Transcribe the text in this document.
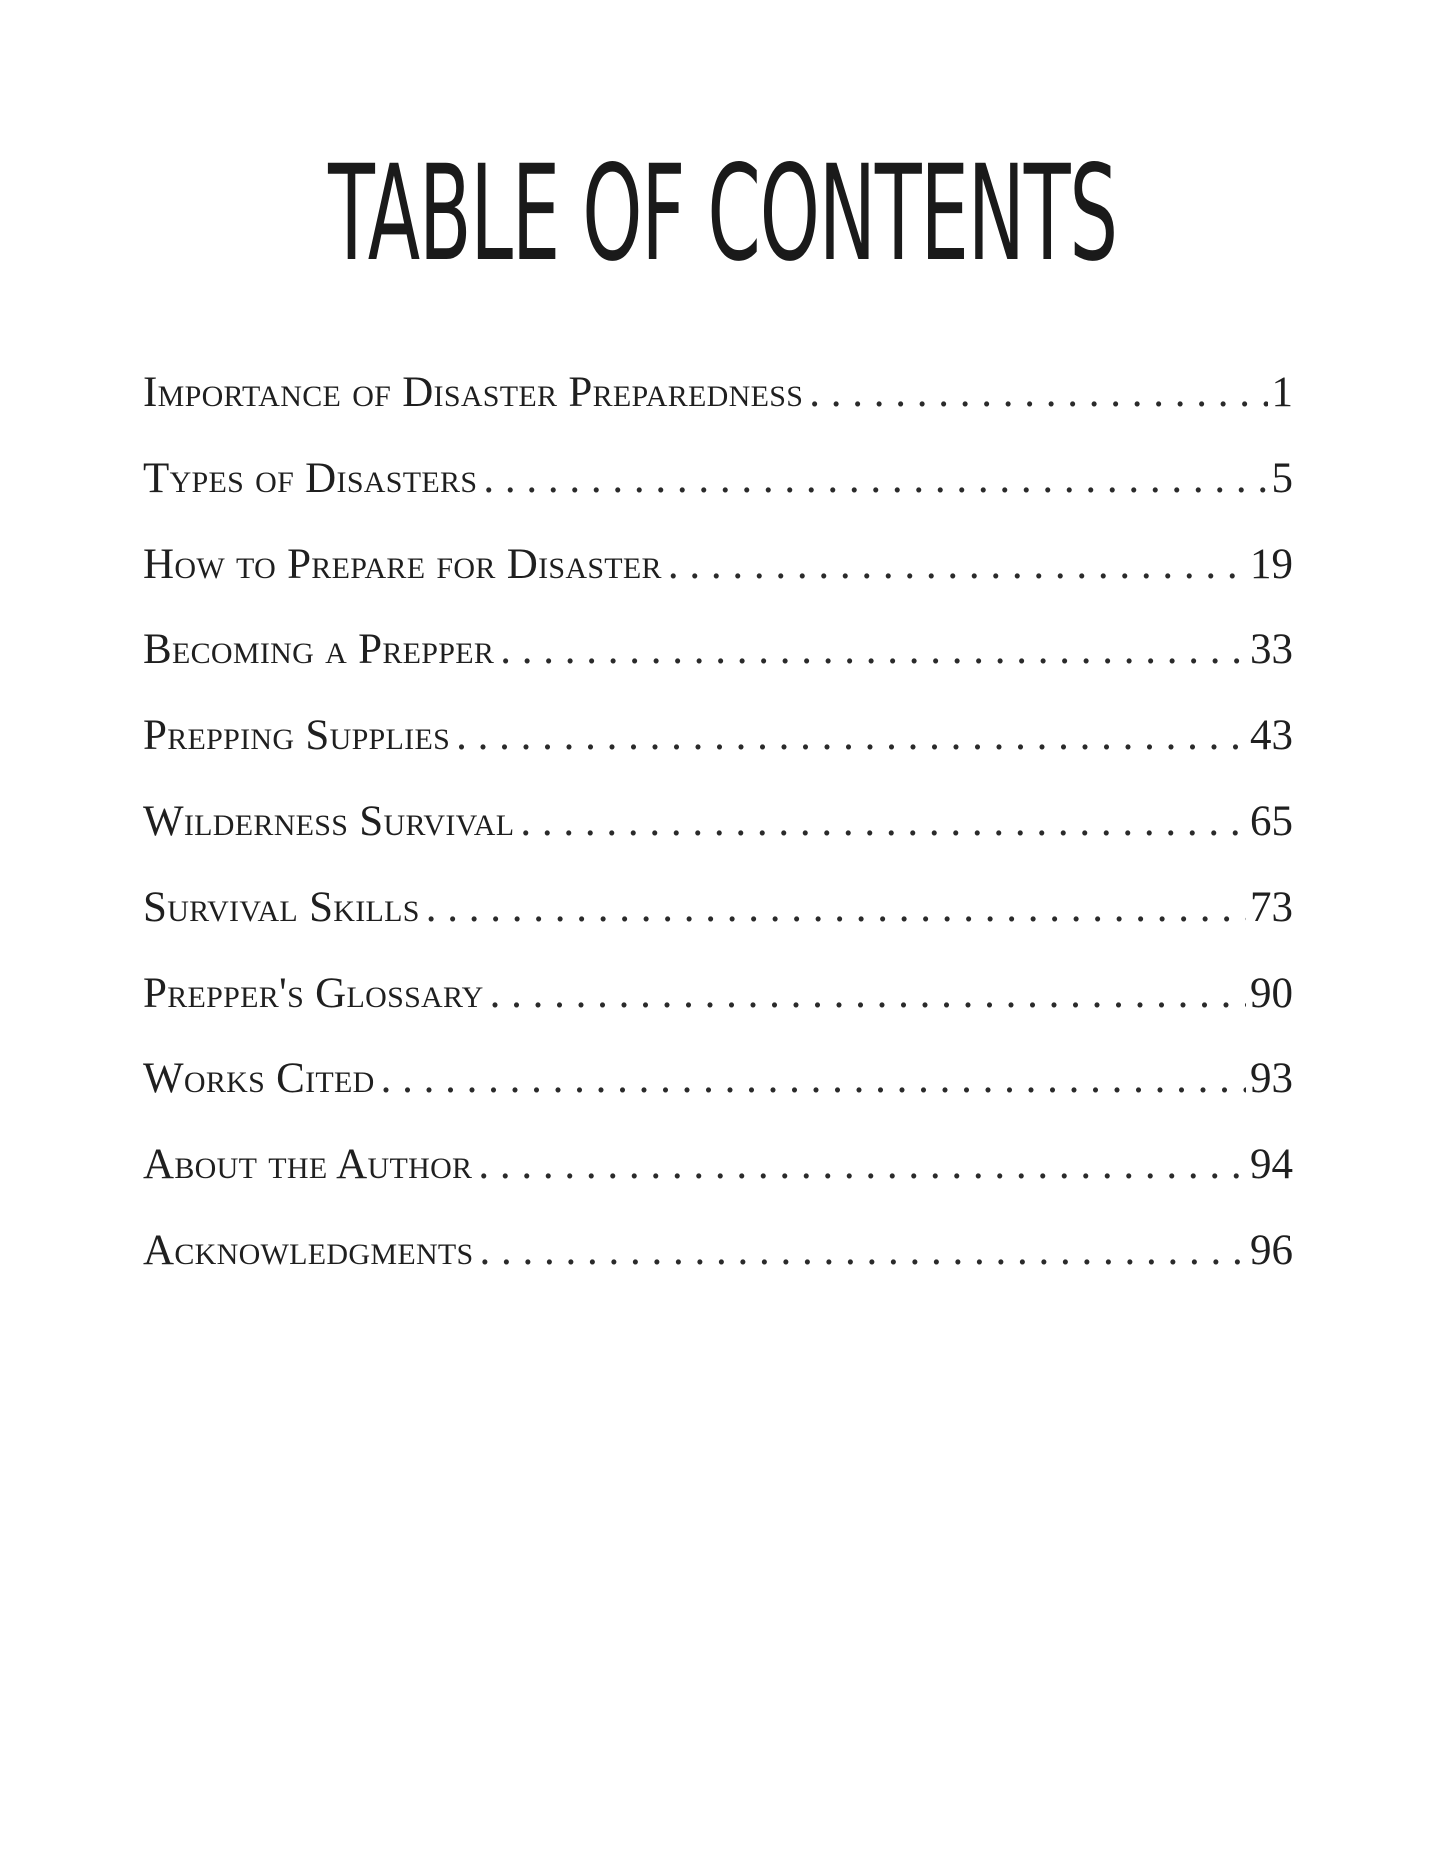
TABLE OF CONTENTS
Importance of Disaster Preparedness . . .	1
Types of Disasters . . .	5
How to Prepare for Disaster . . .	19
Becoming a Prepper . . .	33
Prepping Supplies . . .	43
Wilderness Survival . . .	65
Survival Skills . . .	73
Prepper's Glossary . . .	90
Works Cited . . .	93
About the Author . . .	94
Acknowledgments . . .	96
